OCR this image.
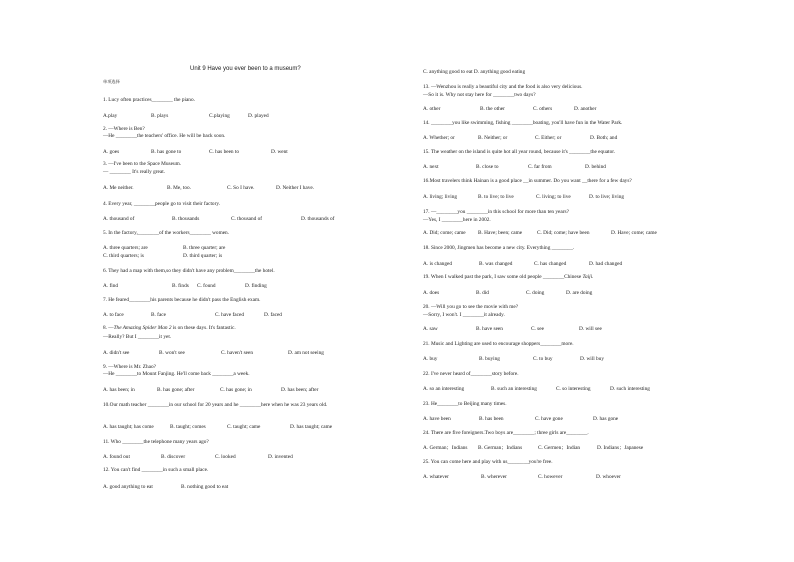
Unit 9 Have you ever been to a museum?
单项选择
1. Lucy often practices________ the piano.
A.play	B. plays	C.playing	D. played
2. —Where is Ben?
—He ________the teachers' office. He will be back soon.
A. goes	B. has gone to	C. has been to	D. went
3. —I've been to the Space Museum.
— ________ It's really great.
A. Me neither.	B. Me, too.	C. So I have.	D. Neither I have.
4. Every year, ________people go to visit their factory.
A. thousand of	B. thousands	C. thousand of	D. thousands of
5. In the factory,________of the workers________ women.
A. three quarters; are	B. three quarter; are
C. third quarters; is	D. third quarter; is
6. They had a map with them,so they didn't have any problem________the hotel.
A. find	B. finds C. found	D. finding
7. He feared________his parents because he didn't pass the English exam.
A. to face	B. face	C. have faced	D. faced
8. —The Amazing Spider Man 2 is on these days. It's fantastic.
—Really? But I ________it yet.
A. didn't see	B. won't see	C. haven't seen	D. am not seeing
9. —Where is Mr. Zhao?
—He ________to Mount Fanjing. He'll come back ________a week.
A. has been; in	B. has gone; after	C. has gone; in	D. has been; after
10.Our math teacher ________in our school for 20 years and he ________here when he was 23 years old.
A. has taught; has come	B. taught; comes	C. taught; came	D. has taught; came
11. Who ________the telephone many years ago?
A. found out	B. discover	C. looked	D. invented
12. You can't find ________in such a small place.
A. good anything to eat	B. nothing good to eat
C. anything good to eat D. anything good eating
13. —Wenzhou is really a beautiful city and the food is also very delicious.
—So it is. Why not stay here for ________two days?
A. other	B. the other	C. others	D. another
14. ________you like swimming, fishing ________boating, you'll have fun in the Water Park.
A. Whether; or	B. Neither; or	C. Either; or	D. Both; and
15. The weather on the island is quite hot all year round, because it's ________the equator.
A. next	B. close to	C. far from	D. behind
16.Most travelers think Hainan is a good place __in summer. Do you want __there for a few days?
A. living; living	B. to live; to live	C. living; to live	D. to live; living
17. —________you ________in this school for more than ten years?
—Yes, I ________here in 2002.
A. Did; come; came B. Have; been; came	C. Did; come; have been	D. Have; come; came
18. Since 2000, Jingmen has become a new city. Everything ________.
A. is changed	B. was changed	C. has changed	D. had changed
19. When I walked past the park, I saw some old people ________Chinese Taiji.
A. does	B. did	C. doing	D. are doing
20. —Will you go to see the movie with me?
—Sorry, I won't. I ________it already.
A. saw	B. have seen	C. see	D. will see
21. Music and Lighting are used to encourage shoppers________more.
A. buy	B. buying	C. to buy	D. will buy
22. I've never heard of________story before.
A. so an interesting	B. such an interesting	C. so interesting	D. such interesting
23. He________to Beijing many times.
A. have been	B. has been	C. have gone	D. has gone
24. There are five foreigners.Two boys are________; three girls are________.
A. German；Indians B. German；Indians	C. Germen；Indian	D. Indians；Japanese
25. You can come here and play with us________you're free.
A. whatever	B. wherever	C. however	D. whoever
